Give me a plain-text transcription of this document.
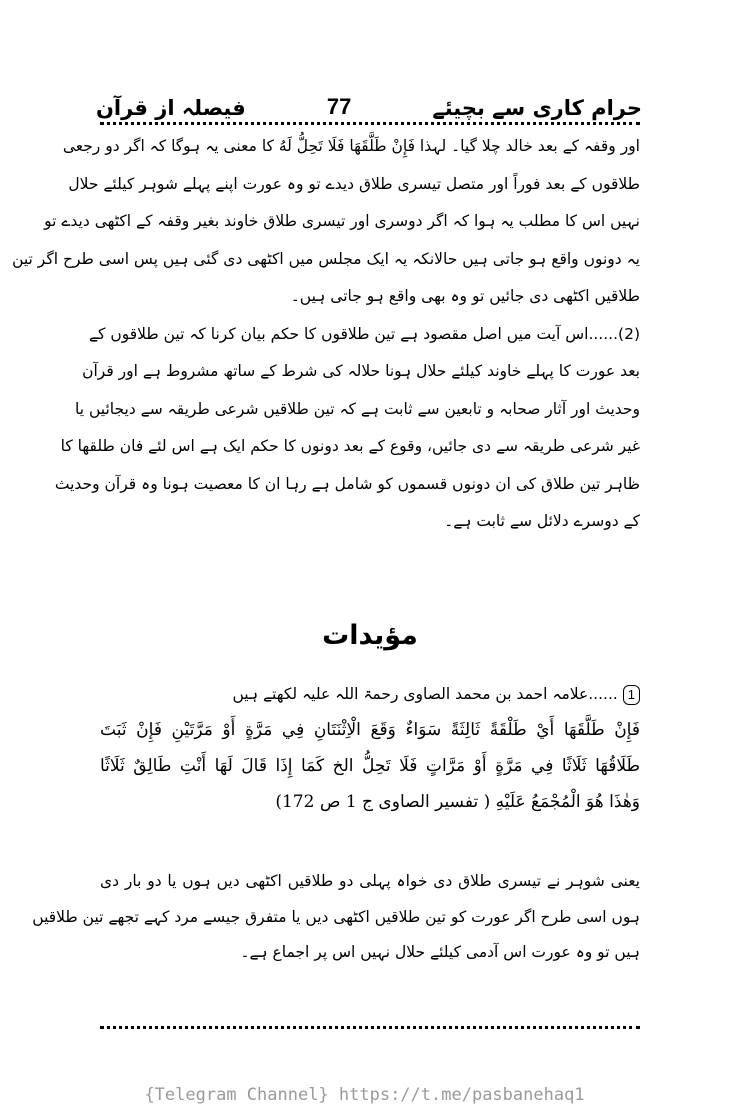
فیصلہ از قرآن	77	حرام کاری سے بچیئے

اور وقفہ کے بعد خالد چلا گیا۔ لہذا فَإِنْ طَلَّقَهَا فَلَا تَحِلُّ لَهُ کا معنی یہ ہوگا کہ اگر دو رجعی
طلاقوں کے بعد فوراً اور متصل تیسری طلاق دیدے تو وہ عورت اپنے پہلے شوہر کیلئے حلال
نہیں اس کا مطلب یہ ہوا کہ اگر دوسری اور تیسری طلاق خاوند بغیر وقفہ کے اکٹھی دیدے تو
یہ دونوں واقع ہو جاتی ہیں حالانکہ یہ ایک مجلس میں اکٹھی دی گئی ہیں پس اسی طرح اگر تین
طلاقیں اکٹھی دی جائیں تو وہ بھی واقع ہو جاتی ہیں۔

(2)......اس آیت میں اصل مقصود ہے تین طلاقوں کا حکم بیان کرنا کہ تین طلاقوں کے
بعد عورت کا پہلے خاوند کیلئے حلال ہونا حلالہ کی شرط کے ساتھ مشروط ہے اور قرآن
وحدیث اور آثار صحابہ و تابعین سے ثابت ہے کہ تین طلاقیں شرعی طریقہ سے دیجائیں یا
غیر شرعی طریقہ سے دی جائیں، وقوع کے بعد دونوں کا حکم ایک ہے اس لئے فان طلقها کا
ظاہر تین طلاق کی ان دونوں قسموں کو شامل ہے رہا ان کا معصیت ہونا وہ قرآن وحدیث
کے دوسرے دلائل سے ثابت ہے۔

مؤیدات
1 ......علامہ احمد بن محمد الصاوی رحمۃ اللہ علیہ لکھتے ہیں
فَإِنْ طَلَّقَهَا أَيْ طَلْقَةً ثَالِثَةً سَوَاءٌ وَقَعَ الْاِثْنَتَانِ فِي مَرَّةٍ أَوْ مَرَّتَيْنِ فَإِنْ ثَبَتَ
طَلَاقُهَا ثَلَاثًا فِي مَرَّةٍ أَوْ مَرَّاتٍ فَلَا تَحِلُّ الخ كَمَا إِذَا قَالَ لَهَا أَنْتِ طَالِقٌ ثَلَاثًا
وَهٰذَا هُوَ الْمُجْمَعُ عَلَيْهِ ( تفسیر الصاوی ج 1 ص 172)
یعنی شوہر نے تیسری طلاق دی خواہ پہلی دو طلاقیں اکٹھی دیں ہوں یا دو بار دی
ہوں اسی طرح اگر عورت کو تین طلاقیں اکٹھی دیں یا متفرق جیسے مرد کہے تجھے تین طلاقیں
ہیں تو وہ عورت اس آدمی کیلئے حلال نہیں اس پر اجماع ہے۔
{Telegram Channel} https://t.me/pasbanehaq1
